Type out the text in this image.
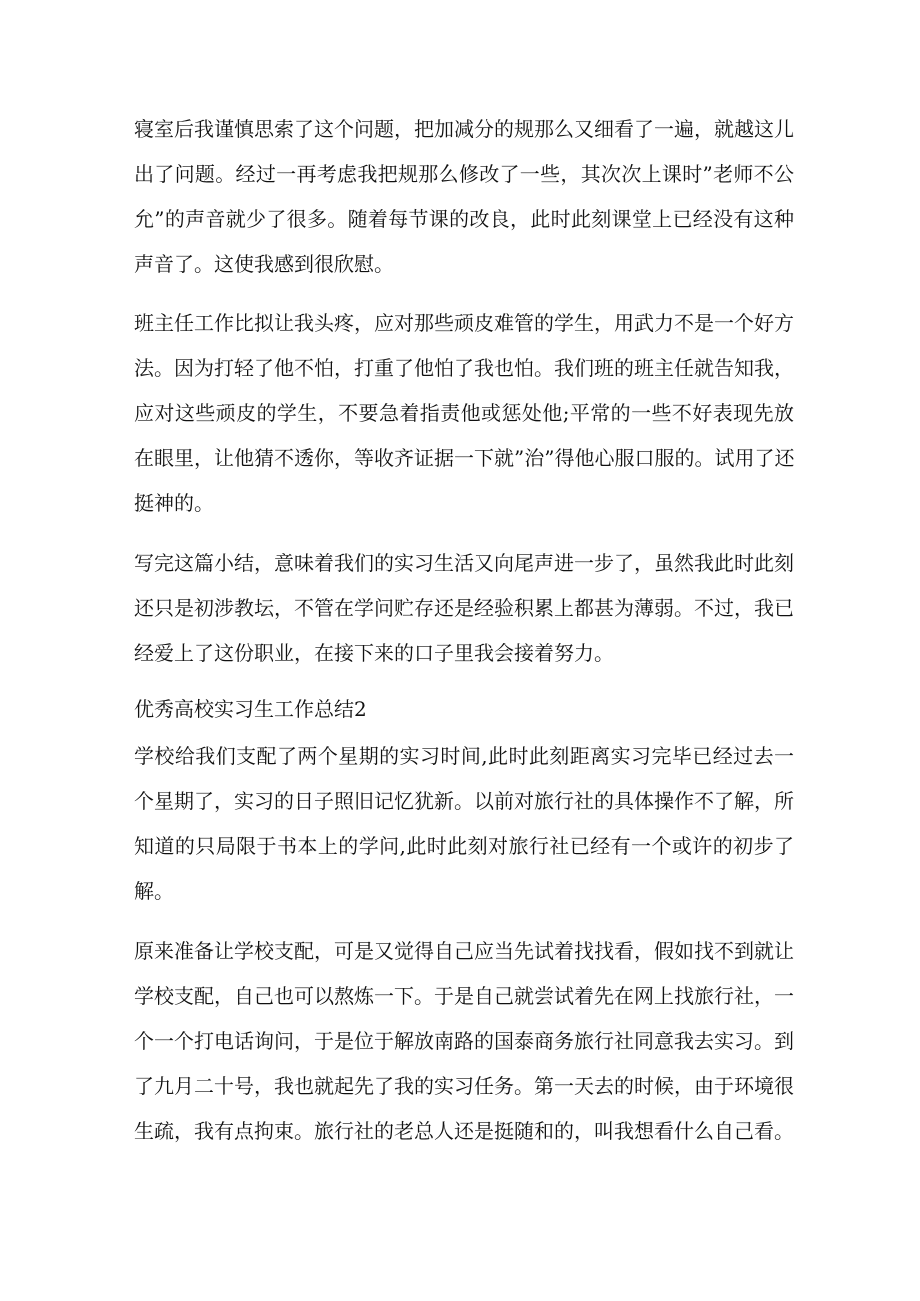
寝室后我谨慎思索了这个问题，把加减分的规那么又细看了一遍，就越这儿
出了问题。经过一再考虑我把规那么修改了一些，其次次上课时”老师不公
允”的声音就少了很多。随着每节课的改良，此时此刻课堂上已经没有这种
声音了。这使我感到很欣慰。
班主任工作比拟让我头疼，应对那些顽皮难管的学生，用武力不是一个好方
法。因为打轻了他不怕，打重了他怕了我也怕。我们班的班主任就告知我，
应对这些顽皮的学生，不要急着指责他或惩处他;平常的一些不好表现先放
在眼里，让他猜不透你，等收齐证据一下就”治”得他心服口服的。试用了还
挺神的。
写完这篇小结，意味着我们的实习生活又向尾声进一步了，虽然我此时此刻
还只是初涉教坛，不管在学问贮存还是经验积累上都甚为薄弱。不过，我已
经爱上了这份职业，在接下来的口子里我会接着努力。
优秀高校实习生工作总结2
学校给我们支配了两个星期的实习时间,此时此刻距离实习完毕已经过去一
个星期了，实习的日子照旧记忆犹新。以前对旅行社的具体操作不了解，所
知道的只局限于书本上的学问,此时此刻对旅行社已经有一个或许的初步了
解。
原来准备让学校支配，可是又觉得自己应当先试着找找看，假如找不到就让
学校支配，自己也可以熬炼一下。于是自己就尝试着先在网上找旅行社，一
个一个打电话询问，于是位于解放南路的国泰商务旅行社同意我去实习。到
了九月二十号，我也就起先了我的实习任务。第一天去的时候，由于环境很
生疏，我有点拘束。旅行社的老总人还是挺随和的，叫我想看什么自己看。
